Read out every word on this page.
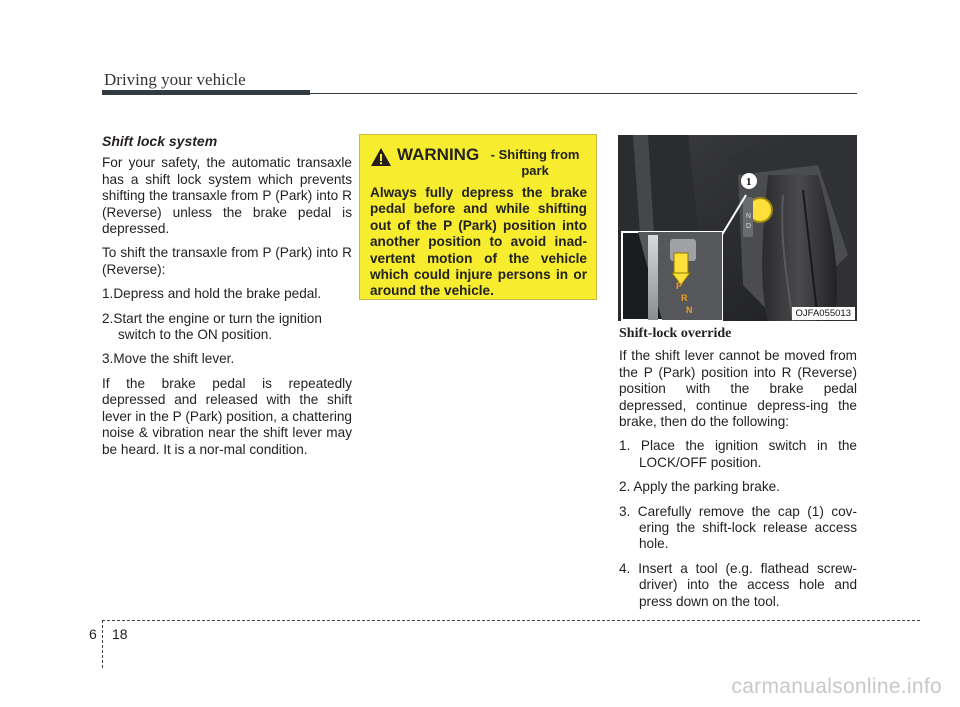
Driving your vehicle

Shift lock system

For your safety, the automatic transaxle has a shift lock system which prevents shifting the transaxle from P (Park) into R (Reverse) unless the brake pedal is depressed.

To shift the transaxle from P (Park) into R (Reverse):

1.Depress and hold the brake pedal.

2.Start the engine or turn the ignition switch to the ON position.

3.Move the shift lever.

If the brake pedal is repeatedly depressed and released with the shift lever in the P (Park) position, a chattering noise & vibration near the shift lever may be heard. It is a nor-mal condition.

WARNING - Shifting from park
Always fully depress the brake pedal before and while shifting out of the P (Park) position into another position to avoid inad-vertent motion of the vehicle which could injure persons in or around the vehicle.
N
D
1
P
R
N	OJFA055013

Shift-lock override

If the shift lever cannot be moved from the P (Park) position into R (Reverse) position with the brake pedal depressed, continue depress-ing the brake, then do the following:

1. Place the ignition switch in the LOCK/OFF position.

2. Apply the parking brake.

3. Carefully remove the cap (1) cov-ering the shift-lock release access hole.

4. Insert a tool (e.g. flathead screw-driver) into the access hole and press down on the tool.

6 18
carmanualsonline.info
